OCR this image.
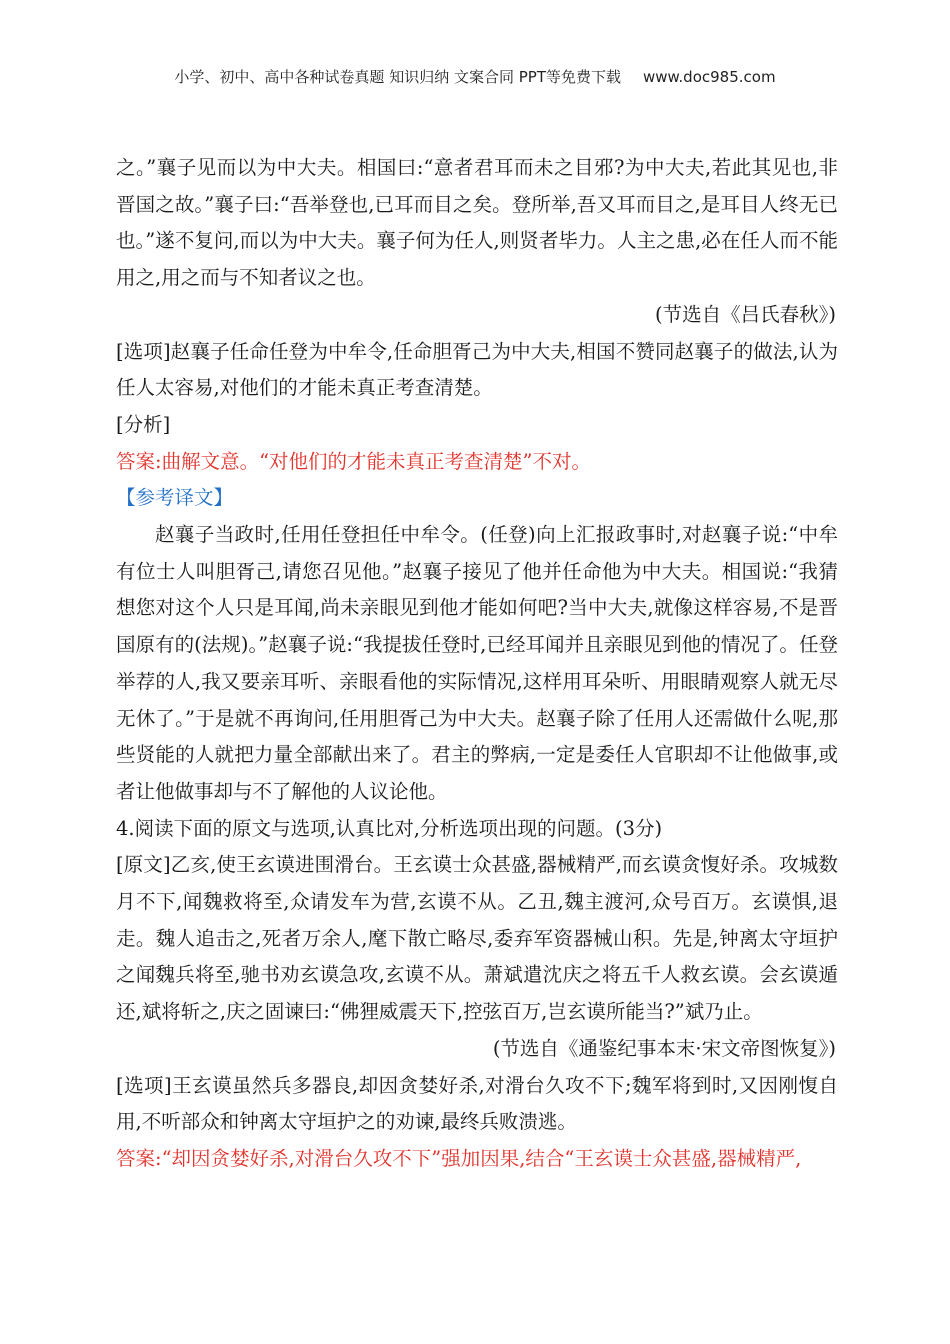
小学、初中、高中各种试卷真题 知识归纳 文案合同 PPT等免费下载 www.doc985.com

之。”襄子见而以为中大夫。相国曰:“意者君耳而未之目邪?为中大夫,若此其见也,非晋国之故。”襄子曰:“吾举登也,已耳而目之矣。登所举,吾又耳而目之,是耳目人终无已也。”遂不复问,而以为中大夫。襄子何为任人,则贤者毕力。人主之患,必在任人而不能用之,用之而与不知者议之也。

(节选自《吕氏春秋》)

[选项]赵襄子任命任登为中牟令,任命胆胥己为中大夫,相国不赞同赵襄子的做法,认为任人太容易,对他们的才能未真正考查清楚。

[分析]

答案:曲解文意。“对他们的才能未真正考查清楚”不对。

【参考译文】

赵襄子当政时,任用任登担任中牟令。(任登)向上汇报政事时,对赵襄子说:“中牟有位士人叫胆胥己,请您召见他。”赵襄子接见了他并任命他为中大夫。相国说:“我猜想您对这个人只是耳闻,尚未亲眼见到他才能如何吧?当中大夫,就像这样容易,不是晋国原有的(法规)。”赵襄子说:“我提拔任登时,已经耳闻并且亲眼见到他的情况了。任登举荐的人,我又要亲耳听、亲眼看他的实际情况,这样用耳朵听、用眼睛观察人就无尽无休了。”于是就不再询问,任用胆胥己为中大夫。赵襄子除了任用人还需做什么呢,那些贤能的人就把力量全部献出来了。君主的弊病,一定是委任人官职却不让他做事,或者让他做事却与不了解他的人议论他。

4.阅读下面的原文与选项,认真比对,分析选项出现的问题。(3分)

[原文]乙亥,使王玄谟进围滑台。王玄谟士众甚盛,器械精严,而玄谟贪愎好杀。攻城数月不下,闻魏救将至,众请发车为营,玄谟不从。乙丑,魏主渡河,众号百万。玄谟惧,退走。魏人追击之,死者万余人,麾下散亡略尽,委弃军资器械山积。先是,钟离太守垣护之闻魏兵将至,驰书劝玄谟急攻,玄谟不从。萧斌遣沈庆之将五千人救玄谟。会玄谟遁还,斌将斩之,庆之固谏曰:“佛狸威震天下,控弦百万,岂玄谟所能当?”斌乃止。

(节选自《通鉴纪事本末·宋文帝图恢复》)

[选项]王玄谟虽然兵多器良,却因贪婪好杀,对滑台久攻不下;魏军将到时,又因刚愎自用,不听部众和钟离太守垣护之的劝谏,最终兵败溃逃。

答案:“却因贪婪好杀,对滑台久攻不下”强加因果,结合“王玄谟士众甚盛,器械精严,
